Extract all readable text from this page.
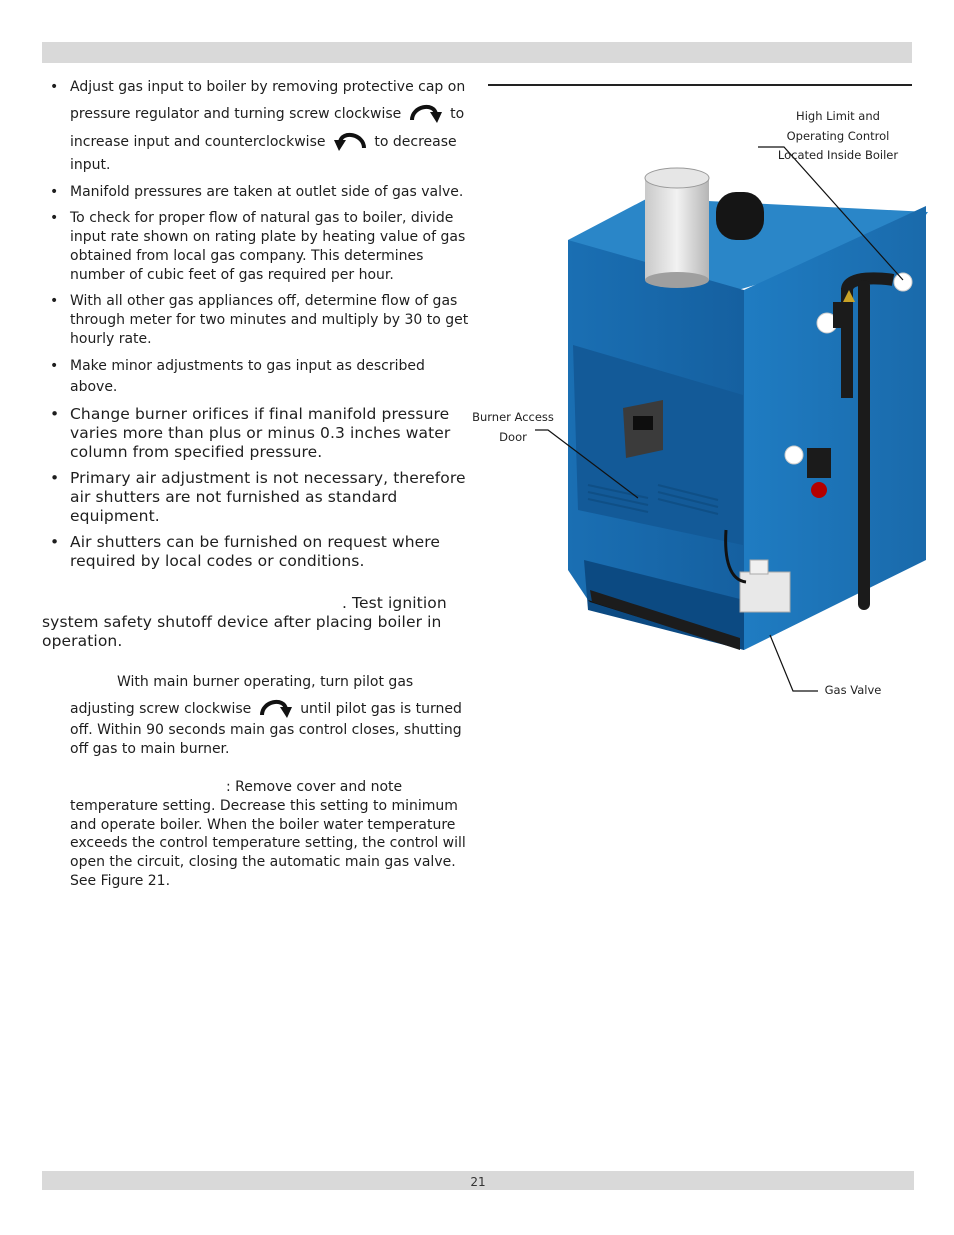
• Adjust gas input to boiler by removing protective cap on pressure regulator and turning screw clockwise	to increase input and counterclockwise	to decrease input.
• Manifold pressures are taken at outlet side of gas valve.
• To check for proper flow of natural gas to boiler, divide input rate shown on rating plate by heating value of gas obtained from local gas company. This determines number of cubic feet of gas required per hour.
• With all other gas appliances off, determine flow of gas through meter for two minutes and multiply by 30 to get hourly rate.
• Make minor adjustments to gas input as described above.
• Change burner orifices if final manifold pressure varies more than plus or minus 0.3 inches water column from specified pressure.
• Primary air adjustment is not necessary, therefore air shutters are not furnished as standard equipment.
• Air shutters can be furnished on request where required by local codes or conditions.
. Test ignition system safety shutoff device after placing boiler in operation.
With main burner operating, turn pilot gas adjusting screw clockwise	until pilot gas is turned off. Within 90 seconds main gas control closes, shutting off gas to main burner.
: Remove cover and note temperature setting. Decrease this setting to minimum and operate boiler. When the boiler water temperature exceeds the control temperature setting, the control will open the circuit, closing the automatic main gas valve. See Figure 21.
High Limit and
Operating Control
Located Inside Boiler
Burner Access
Door
Gas Valve
21
